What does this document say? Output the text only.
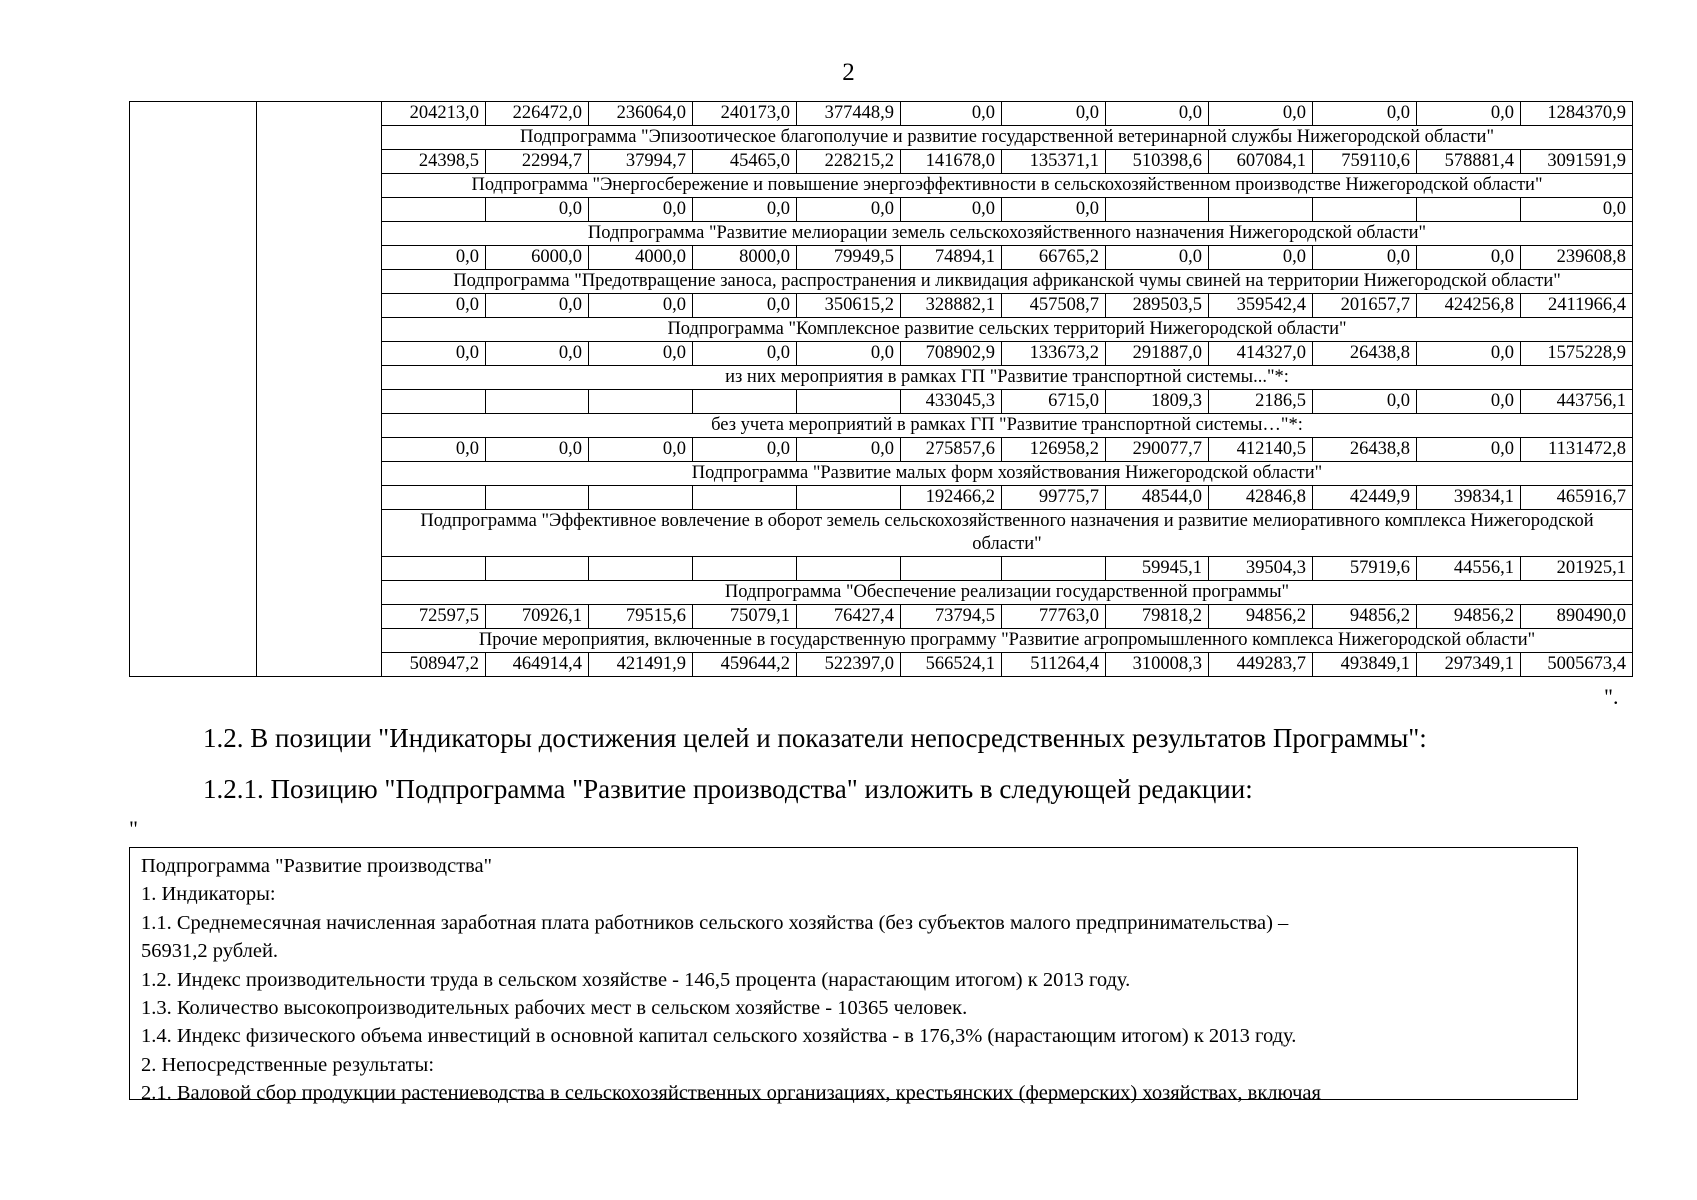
2
		204213,0	226472,0	236064,0	240173,0	377448,9	0,0	0,0	0,0	0,0	0,0	0,0	1284370,9
		Подпрограмма "Эпизоотическое благополучие и развитие государственной ветеринарной службы Нижегородской области"											
		24398,5	22994,7	37994,7	45465,0	228215,2	141678,0	135371,1	510398,6	607084,1	759110,6	578881,4	3091591,9
		Подпрограмма "Энергосбережение и повышение энергоэффективности в сельскохозяйственном производстве Нижегородской области"											
			0,0	0,0	0,0	0,0	0,0	0,0					0,0
		Подпрограмма "Развитие мелиорации земель сельскохозяйственного назначения Нижегородской области"											
		0,0	6000,0	4000,0	8000,0	79949,5	74894,1	66765,2	0,0	0,0	0,0	0,0	239608,8
		Подпрограмма "Предотвращение заноса, распространения и ликвидация африканской чумы свиней на территории Нижегородской области"											
		0,0	0,0	0,0	0,0	350615,2	328882,1	457508,7	289503,5	359542,4	201657,7	424256,8	2411966,4
		Подпрограмма "Комплексное развитие сельских территорий Нижегородской области"											
		0,0	0,0	0,0	0,0	0,0	708902,9	133673,2	291887,0	414327,0	26438,8	0,0	1575228,9
		из них мероприятия в рамках ГП "Развитие транспортной системы..."*:											
							433045,3	6715,0	1809,3	2186,5	0,0	0,0	443756,1
		без учета мероприятий в рамках ГП "Развитие транспортной системы…"*:											
		0,0	0,0	0,0	0,0	0,0	275857,6	126958,2	290077,7	412140,5	26438,8	0,0	1131472,8
		Подпрограмма "Развитие малых форм хозяйствования Нижегородской области"											
							192466,2	99775,7	48544,0	42846,8	42449,9	39834,1	465916,7
		Подпрограмма "Эффективное вовлечение в оборот земель сельскохозяйственного назначения и развитие мелиоративного комплекса Нижегородской области"											
									59945,1	39504,3	57919,6	44556,1	201925,1
		Подпрограмма "Обеспечение реализации государственной программы"											
		72597,5	70926,1	79515,6	75079,1	76427,4	73794,5	77763,0	79818,2	94856,2	94856,2	94856,2	890490,0
		Прочие мероприятия, включенные в государственную программу "Развитие агропромышленного комплекса Нижегородской области"											
		508947,2	464914,4	421491,9	459644,2	522397,0	566524,1	511264,4	310008,3	449283,7	493849,1	297349,1	5005673,4
".
1.2. В позиции "Индикаторы достижения целей и показатели непосредственных результатов Программы":
1.2.1. Позицию "Подпрограмма "Развитие производства" изложить в следующей редакции:
"
Подпрограмма "Развитие производства"
1. Индикаторы:
1.1. Среднемесячная начисленная заработная плата работников сельского хозяйства (без субъектов малого предпринимательства) –
56931,2 рублей.
1.2. Индекс производительности труда в сельском хозяйстве - 146,5 процента (нарастающим итогом) к 2013 году.
1.3. Количество высокопроизводительных рабочих мест в сельском хозяйстве - 10365 человек.
1.4. Индекс физического объема инвестиций в основной капитал сельского хозяйства - в 176,3% (нарастающим итогом) к 2013 году.
2. Непосредственные результаты:
2.1. Валовой сбор продукции растениеводства в сельскохозяйственных организациях, крестьянских (фермерских) хозяйствах, включая
